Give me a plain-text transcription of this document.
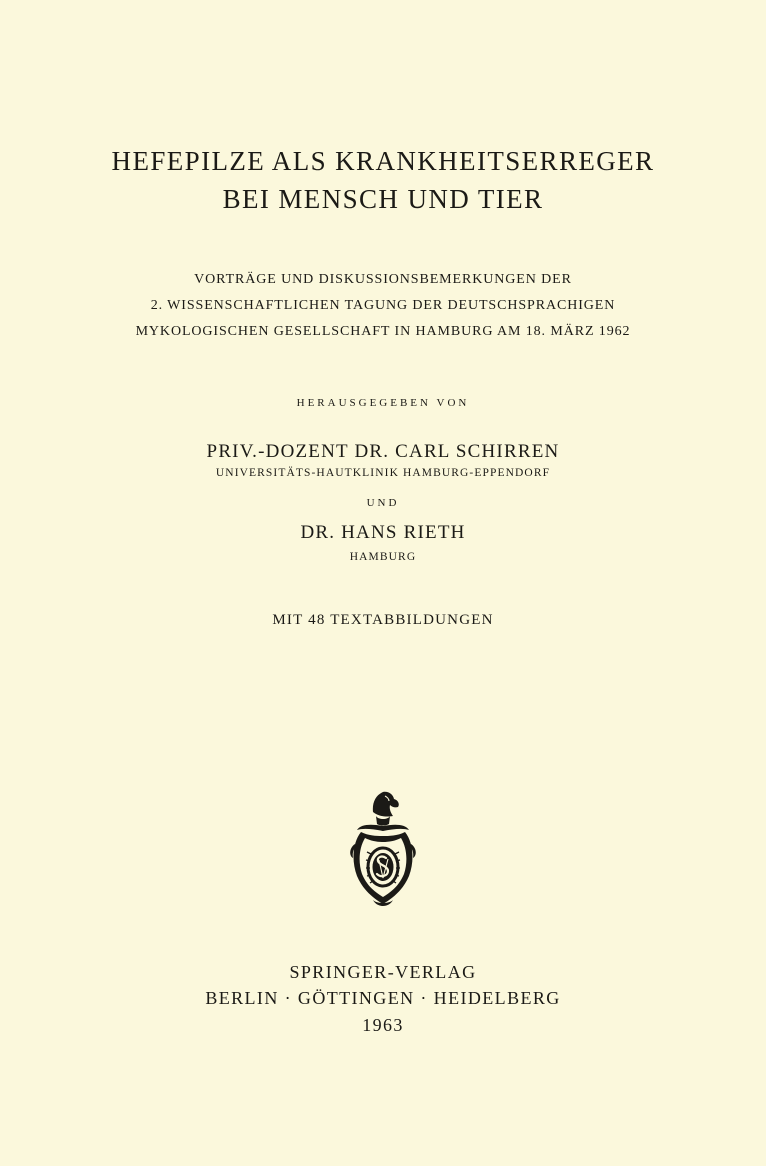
HEFEPILZE ALS KRANKHEITSERREGER
BEI MENSCH UND TIER
VORTRÄGE UND DISKUSSIONSBEMERKUNGEN DER
2. WISSENSCHAFTLICHEN TAGUNG DER DEUTSCHSPRACHIGEN
MYKOLOGISCHEN GESELLSCHAFT IN HAMBURG AM 18. MÄRZ 1962
HERAUSGEGEBEN VON
PRIV.-DOZENT DR. CARL SCHIRREN
UNIVERSITÄTS-HAUTKLINIK HAMBURG-EPPENDORF
UND
DR. HANS RIETH
HAMBURG
MIT 48 TEXTABBILDUNGEN
SPRINGER-VERLAG
BERLIN · GÖTTINGEN · HEIDELBERG
1963
